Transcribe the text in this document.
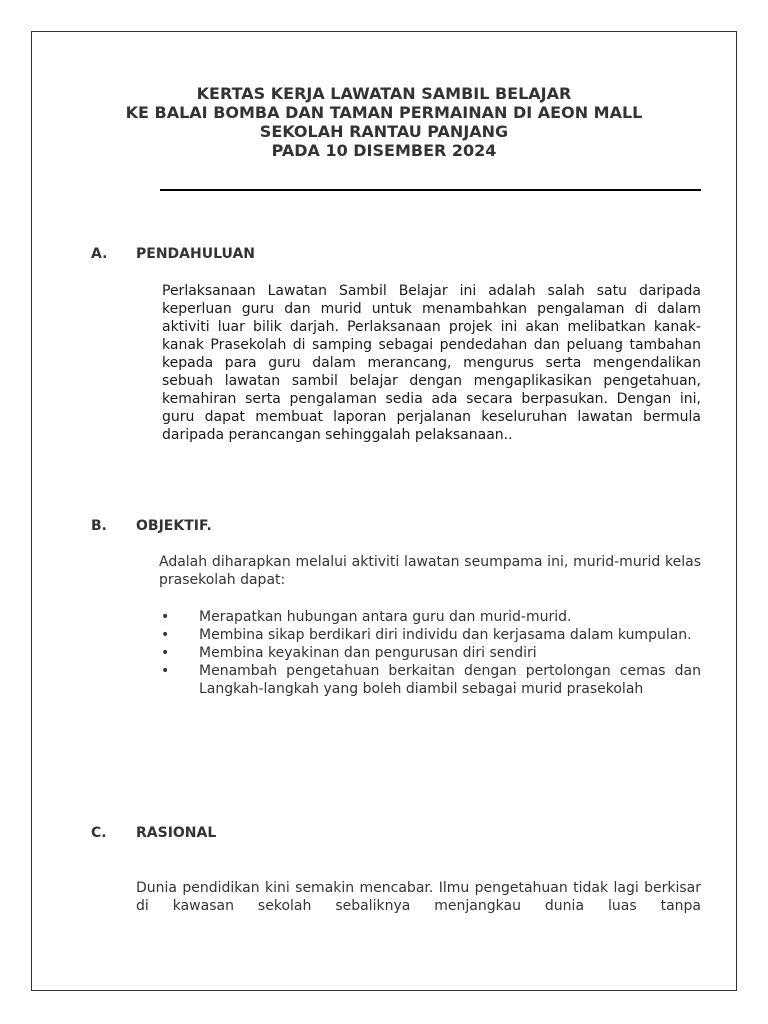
KERTAS KERJA LAWATAN SAMBIL BELAJAR
KE BALAI BOMBA DAN TAMAN PERMAINAN DI AEON MALL
SEKOLAH RANTAU PANJANG
PADA 10 DISEMBER 2024
A.	PENDAHULUAN
Perlaksanaan Lawatan Sambil Belajar ini adalah salah satu daripada keperluan guru dan murid untuk menambahkan pengalaman di dalam aktiviti luar bilik darjah. Perlaksanaan projek ini akan melibatkan kanak-kanak Prasekolah di samping sebagai pendedahan dan peluang tambahan kepada para guru dalam merancang, mengurus serta mengendalikan sebuah lawatan sambil belajar dengan mengaplikasikan pengetahuan, kemahiran serta pengalaman sedia ada secara berpasukan. Dengan ini, guru dapat membuat laporan perjalanan keseluruhan lawatan bermula daripada perancangan sehinggalah pelaksanaan..
B.	OBJEKTIF.
Adalah diharapkan melalui aktiviti lawatan seumpama ini, murid-murid kelas prasekolah dapat:
•	Merapatkan hubungan antara guru dan murid-murid.
•	Membina sikap berdikari diri individu dan kerjasama dalam kumpulan.
•	Membina keyakinan dan pengurusan diri sendiri
•	Menambah pengetahuan berkaitan dengan pertolongan cemas dan Langkah-langkah yang boleh diambil sebagai murid prasekolah
C.	RASIONAL
Dunia pendidikan kini semakin mencabar. Ilmu pengetahuan tidak lagi berkisar di kawasan sekolah sebaliknya menjangkau dunia luas tanpa
